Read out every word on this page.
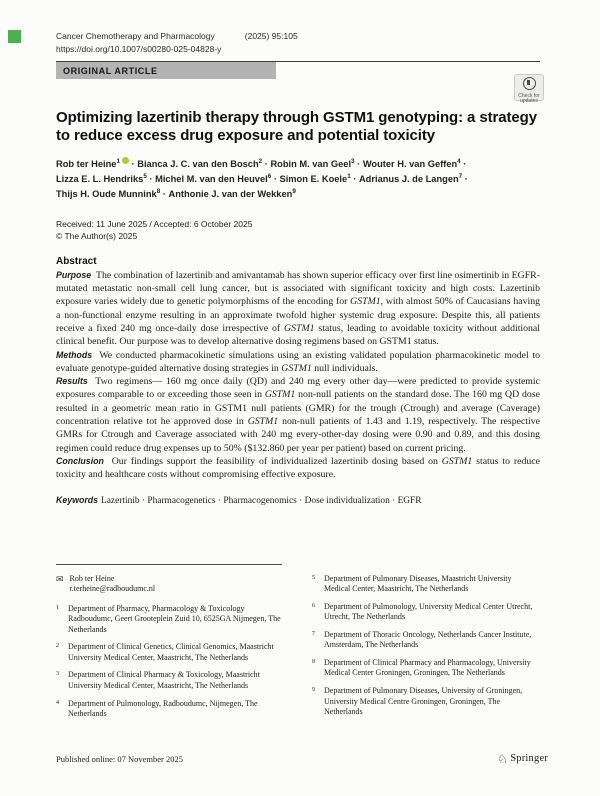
Cancer Chemotherapy and Pharmacology	(2025) 95:105
https://doi.org/10.1007/s00280-025-04828-y
ORIGINAL ARTICLE
Check for
updates
Optimizing lazertinib therapy through GSTM1 genotyping: a strategy to reduce excess drug exposure and potential toxicity
Rob ter Heine$^1$ · Bianca J. C. van den Bosch$^2$ · Robin M. van Geel$^3$ · Wouter H. van Geffen$^4$ · Lizza E. L. Hendriks$^5$ · Michel M. van den Heuvel$^6$ · Simon E. Koele$^1$ · Adrianus J. de Langen$^7$ · Thijs H. Oude Munnink$^8$ · Anthonie J. van der Wekken$^9$
Received: 11 June 2025 / Accepted: 6 October 2025
© The Author(s) 2025
Abstract

Purpose The combination of lazertinib and amivantamab has shown superior efficacy over first line osimertinib in EGFR-mutated metastatic non-small cell lung cancer, but is associated with significant toxicity and high costs. Lazertinib exposure varies widely due to genetic polymorphisms of the encoding for GSTM1, with almost 50% of Caucasians having a non-functional enzyme resulting in an approximate twofold higher systemic drug exposure. Despite this, all patients receive a fixed 240 mg once-daily dose irrespective of GSTM1 status, leading to avoidable toxicity without additional clinical benefit. Our purpose was to develop alternative dosing regimens based on GSTM1 status.

Methods We conducted pharmacokinetic simulations using an existing validated population pharmacokinetic model to evaluate genotype-guided alternative dosing strategies in GSTM1 null individuals.

Results Two regimens— 160 mg once daily (QD) and 240 mg every other day—were predicted to provide systemic exposures comparable to or exceeding those seen in GSTM1 non-null patients on the standard dose. The 160 mg QD dose resulted in a geometric mean ratio in GSTM1 null patients (GMR) for the trough (Ctrough) and average (Caverage) concentration relative tot he approved dose in GSTM1 non-null patients of 1.43 and 1.19, respectively. The respective GMRs for Ctrough and Caverage associated with 240 mg every-other-day dosing were 0.90 and 0.89, and this dosing regimen could reduce drug expenses up to 50% ($132.860 per year per patient) based on current pricing.

Conclusion Our findings support the feasibility of individualized lazertinib dosing based on GSTM1 status to reduce toxicity and healthcare costs without compromising effective exposure.

Keywords Lazertinib · Pharmacogenetics · Pharmacogenomics · Dose individualization · EGFR
✉ Rob ter Heine
r.terheine@radboudumc.nl
1	Department of Pharmacy, Pharmacology & Toxicology Radboudumc, Geert Grooteplein Zuid 10, 6525GA Nijmegen, The Netherlands
2	Department of Clinical Genetics, Clinical Genomics, Maastricht University Medical Center, Maastricht, The Netherlands
3	Department of Clinical Pharmacy & Toxicology, Maastricht University Medical Center, Maastricht, The Netherlands
4	Department of Pulmonology, Radboudumc, Nijmegen, The Netherlands
5	Department of Pulmonary Diseases, Maastricht University Medical Center, Maastricht, The Netherlands
6	Department of Pulmonology, University Medical Center Utrecht, Utrecht, The Netherlands
7	Department of Thoracic Oncology, Netherlands Cancer Institute, Amsterdam, The Netherlands
8	Department of Clinical Pharmacy and Pharmacology, University Medical Center Groningen, Groningen, The Netherlands
9	Department of Pulmonary Diseases, University of Groningen, University Medical Centre Groningen, Groningen, The Netherlands
Published online: 07 November 2025	♘ Springer
